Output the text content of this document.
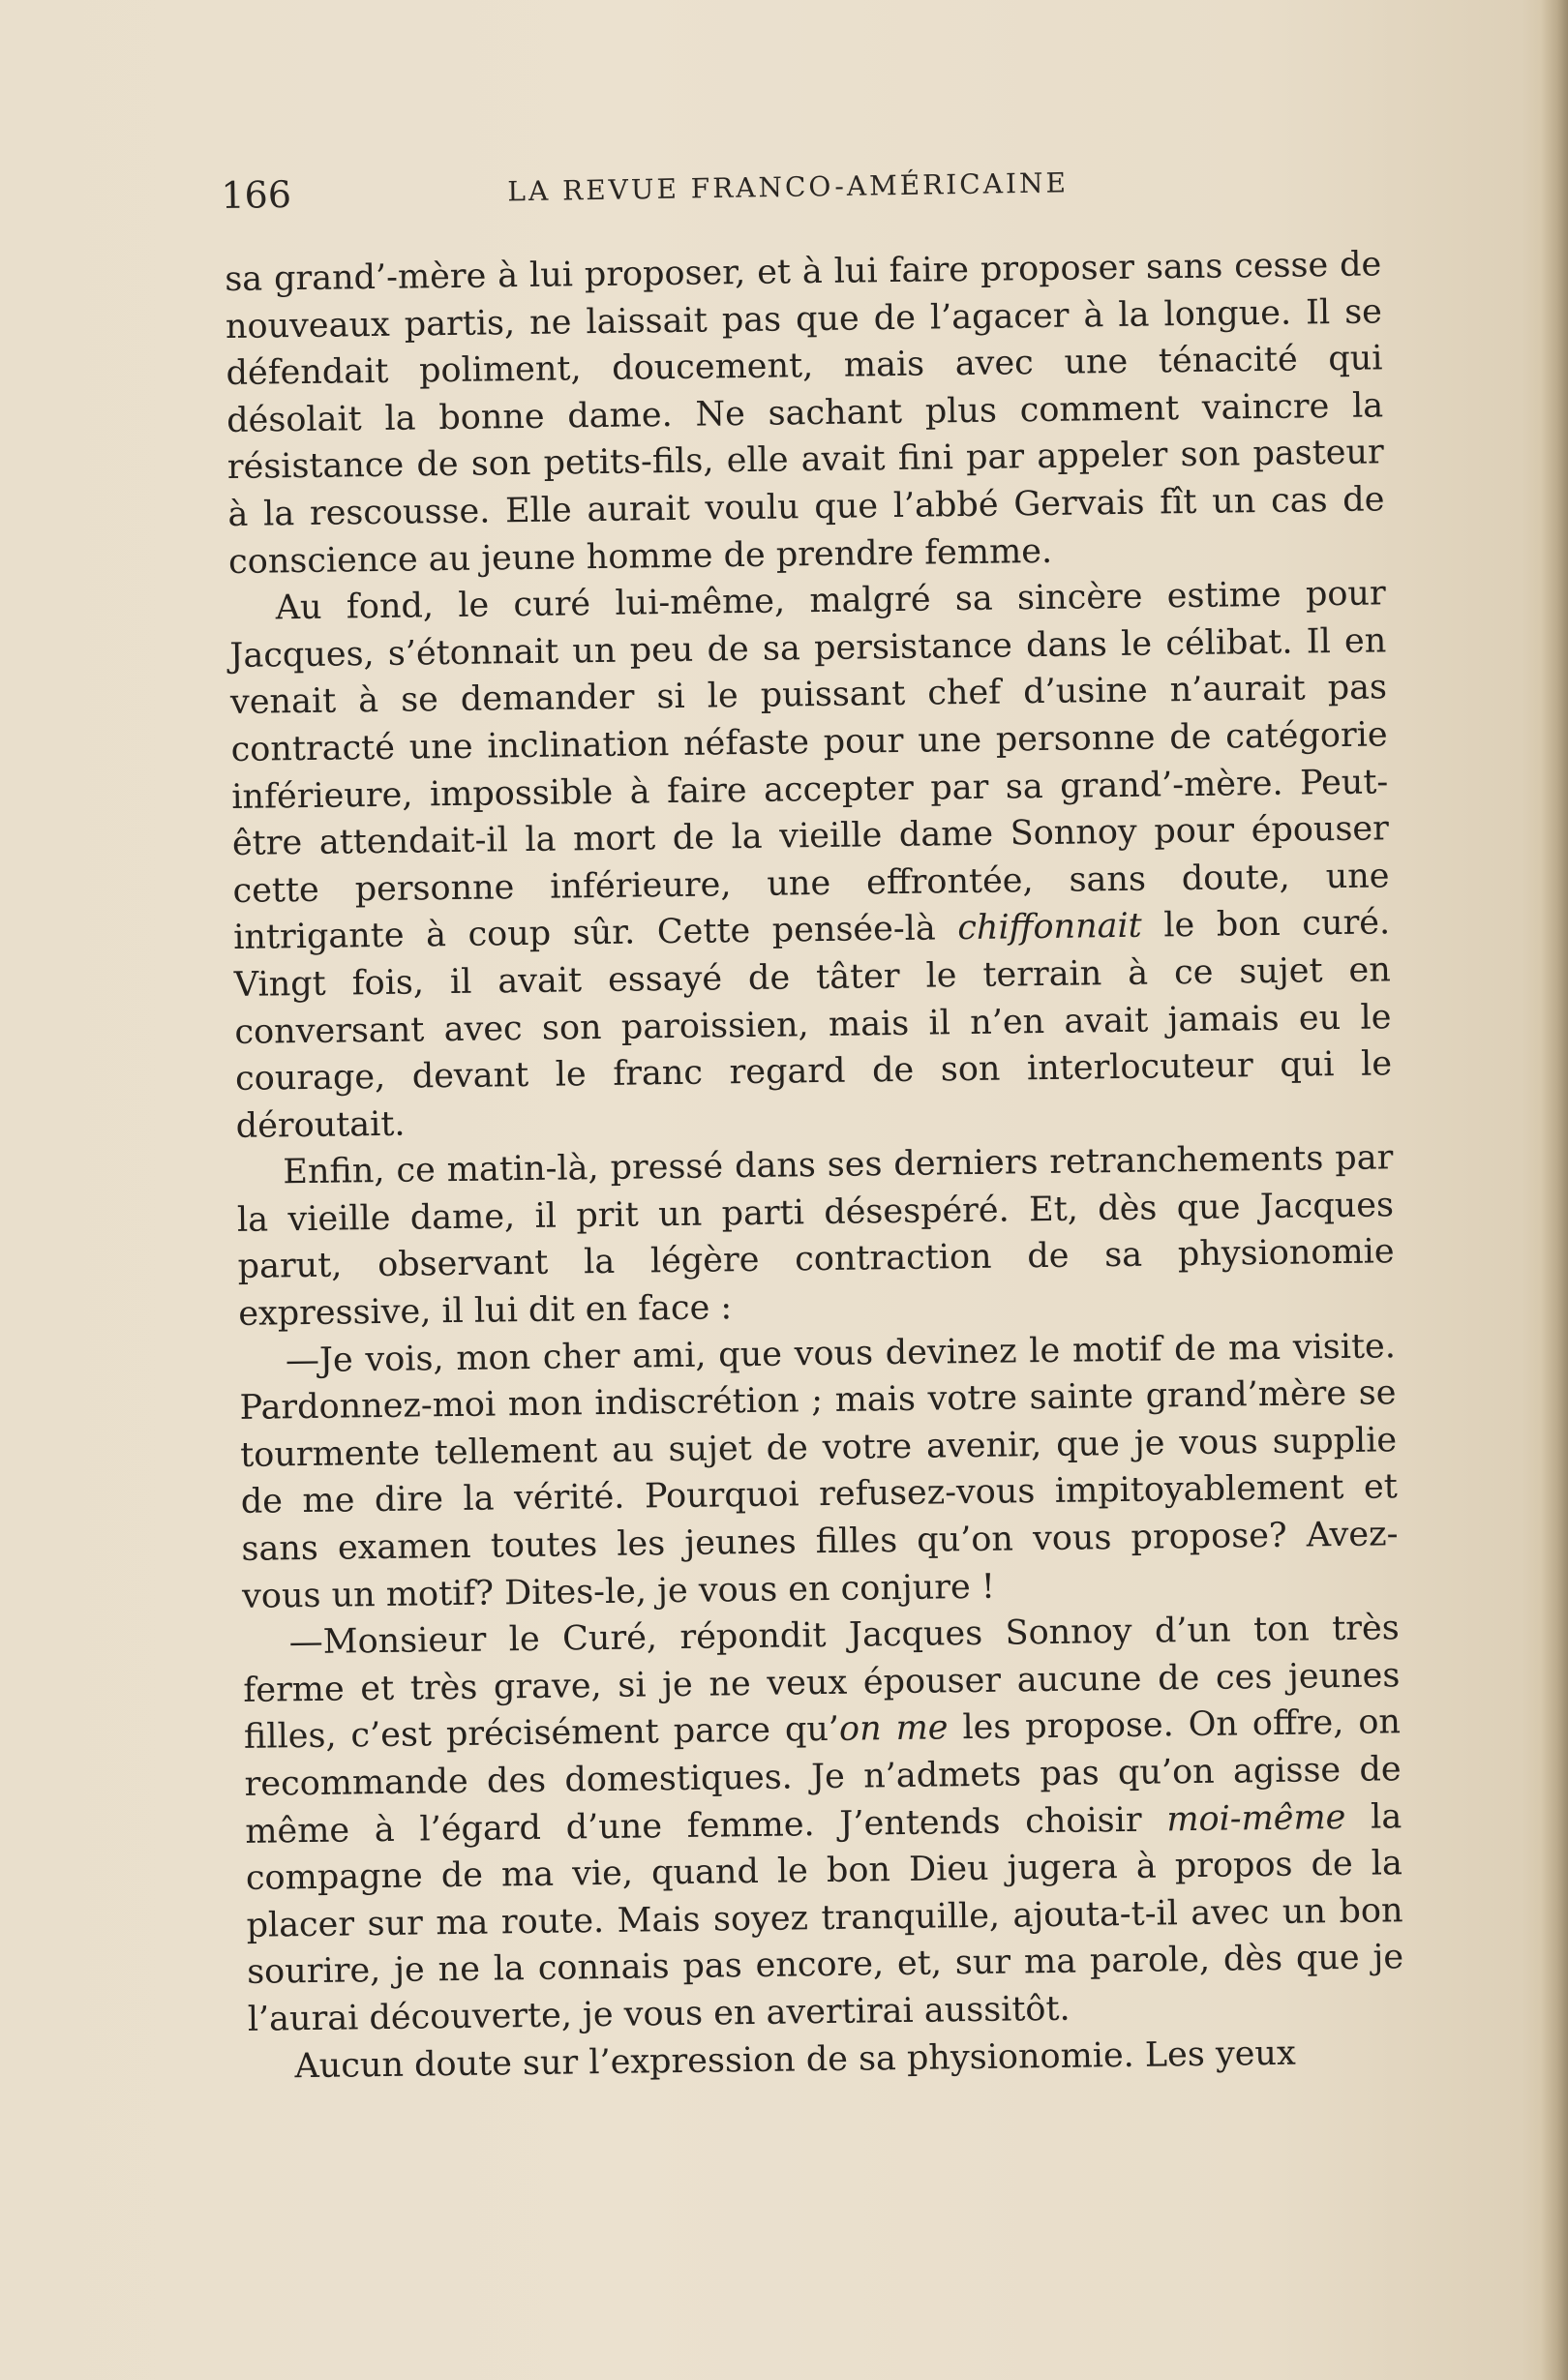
166	LA REVUE FRANCO-AMÉRICAINE

sa grand’-mère à lui proposer, et à lui faire proposer sans cesse de nouveaux partis, ne laissait pas que de l’agacer à la longue. Il se défendait poliment, doucement, mais avec une ténacité qui désolait la bonne dame. Ne sachant plus comment vaincre la résistance de son petits-fils, elle avait fini par appeler son pasteur à la rescousse. Elle aurait voulu que l’abbé Gervais fît un cas de conscience au jeune homme de prendre femme.

Au fond, le curé lui-même, malgré sa sincère estime pour Jacques, s’étonnait un peu de sa persistance dans le célibat. Il en venait à se demander si le puissant chef d’usine n’aurait pas contracté une inclination néfaste pour une personne de catégorie inférieure, impossible à faire accepter par sa grand’-mère. Peut-être attendait-il la mort de la vieille dame Sonnoy pour épouser cette personne inférieure, une effrontée, sans doute, une intrigante à coup sûr. Cette pensée-là chiffonnait le bon curé. Vingt fois, il avait essayé de tâter le terrain à ce sujet en conversant avec son paroissien, mais il n’en avait jamais eu le courage, devant le franc regard de son interlocuteur qui le déroutait.

Enfin, ce matin-là, pressé dans ses derniers retranchements par la vieille dame, il prit un parti désespéré. Et, dès que Jacques parut, observant la légère contraction de sa physionomie expressive, il lui dit en face :

—Je vois, mon cher ami, que vous devinez le motif de ma visite. Pardonnez-moi mon indiscrétion ; mais votre sainte grand’mère se tourmente tellement au sujet de votre avenir, que je vous supplie de me dire la vérité. Pourquoi refusez-vous impitoyablement et sans examen toutes les jeunes filles qu’on vous propose? Avez-vous un motif? Dites-le, je vous en conjure !

—Monsieur le Curé, répondit Jacques Sonnoy d’un ton très ferme et très grave, si je ne veux épouser aucune de ces jeunes filles, c’est précisément parce qu’on me les propose. On offre, on recommande des domestiques. Je n’admets pas qu’on agisse de même à l’égard d’une femme. J’entends choisir moi-même la compagne de ma vie, quand le bon Dieu jugera à propos de la placer sur ma route. Mais soyez tranquille, ajouta-t-il avec un bon sourire, je ne la connais pas encore, et, sur ma parole, dès que je l’aurai découverte, je vous en avertirai aussitôt.

Aucun doute sur l’expression de sa physionomie. Les yeux
